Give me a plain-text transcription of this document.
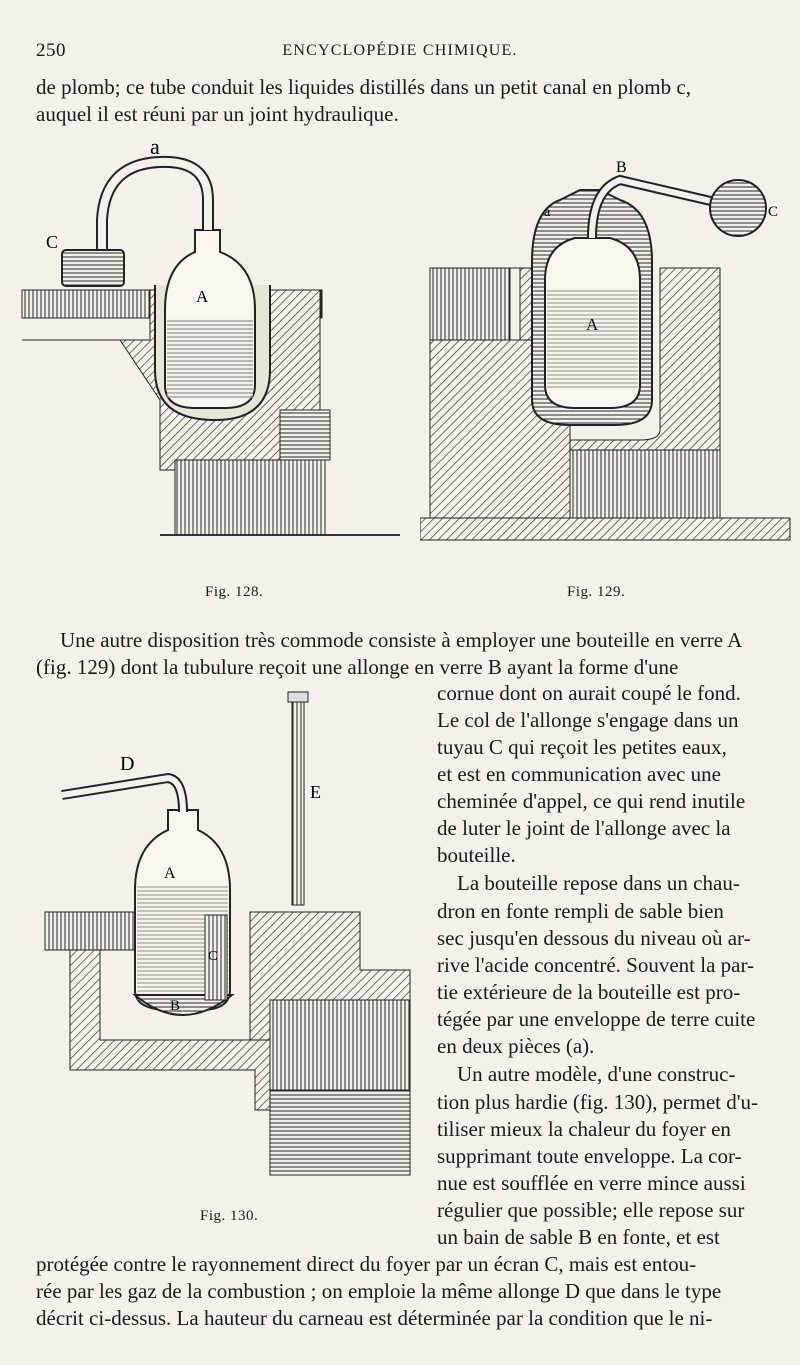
250	ENCYCLOPÉDIE CHIMIQUE.
de plomb; ce tube conduit les liquides distillés dans un petit canal en plomb c,
auquel il est réuni par un joint hydraulique.
a
C
A
Fig. 128.
B
a	C
A
Fig. 129.
Une autre disposition très commode consiste à employer une bouteille en verre A
(fig. 129) dont la tubulure reçoit une allonge en verre B ayant la forme d'une
D
E
A
C
B
Fig. 130.
cornue dont on aurait coupé le fond.
Le col de l'allonge s'engage dans un
tuyau C qui reçoit les petites eaux,
et est en communication avec une
cheminée d'appel, ce qui rend inutile
de luter le joint de l'allonge avec la
bouteille.
La bouteille repose dans un chau-
dron en fonte rempli de sable bien
sec jusqu'en dessous du niveau où ar-
rive l'acide concentré. Souvent la par-
tie extérieure de la bouteille est pro-
tégée par une enveloppe de terre cuite
en deux pièces (a).
Un autre modèle, d'une construc-
tion plus hardie (fig. 130), permet d'u-
tiliser mieux la chaleur du foyer en
supprimant toute enveloppe. La cor-
nue est soufflée en verre mince aussi
régulier que possible; elle repose sur
un bain de sable B en fonte, et est
protégée contre le rayonnement direct du foyer par un écran C, mais est entou-
rée par les gaz de la combustion ; on emploie la même allonge D que dans le type
décrit ci-dessus. La hauteur du carneau est déterminée par la condition que le ni-
